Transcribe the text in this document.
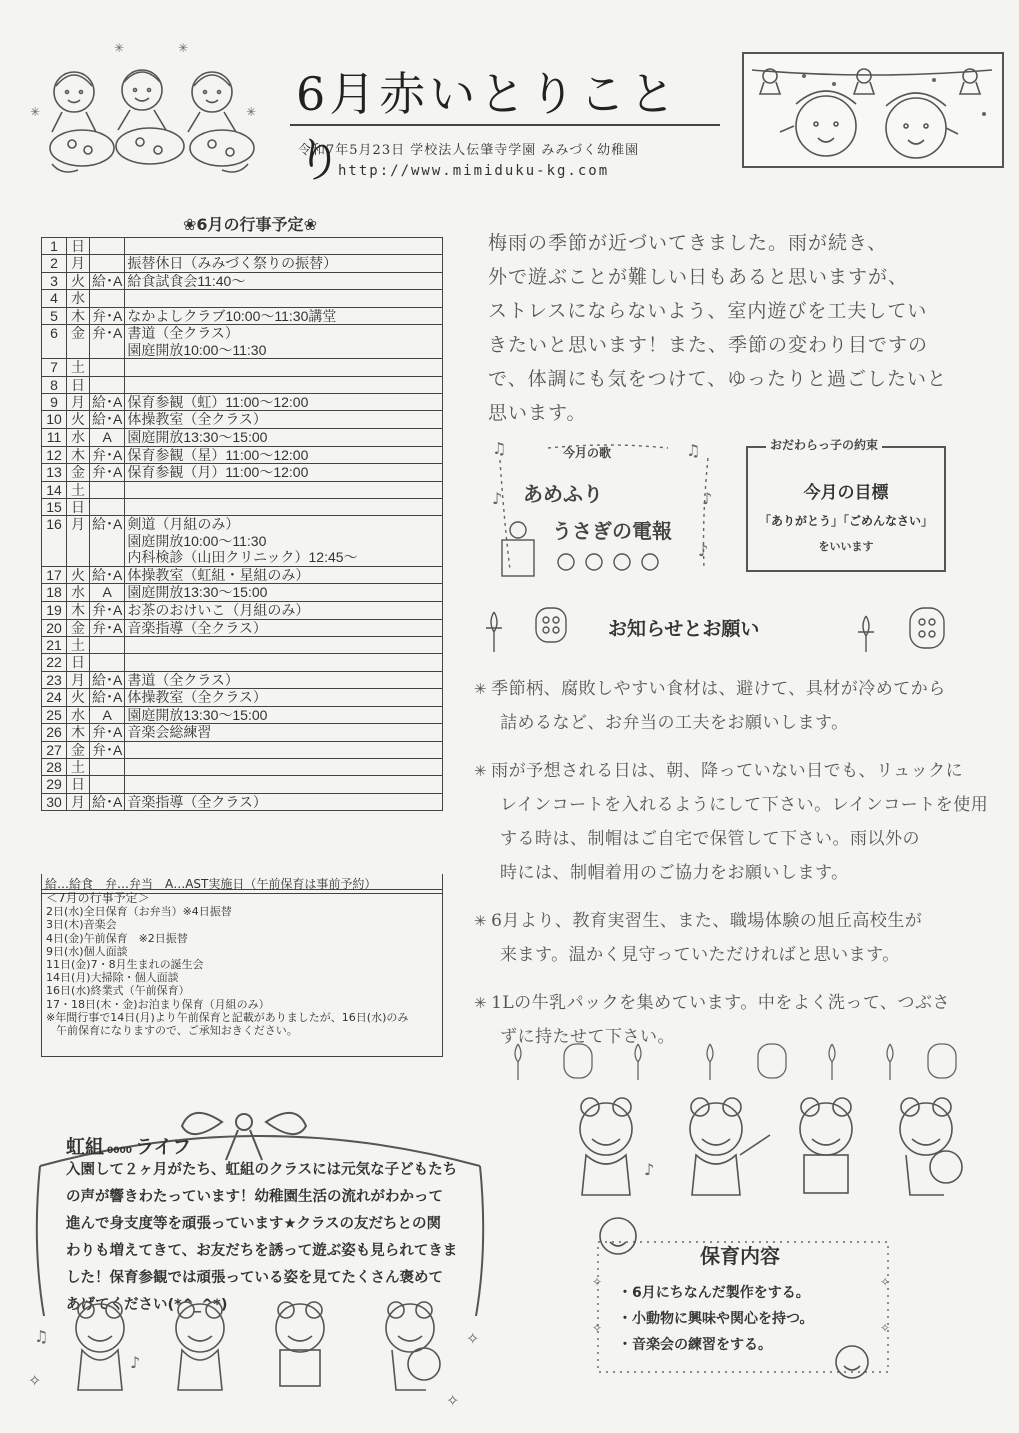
✳	✳
✳	✳ 6月赤いとりことり
令和7年5月23日 学校法人伝肇寺学園 みみづく幼稚園
http://www.mimiduku-kg.com
❀6月の行事予定❀
1	日		

2	月		振替休日（みみづく祭りの振替）

3	火	給･A	給食試食会11:40～

4	水		

5	木	弁･A	なかよしクラブ10:00～11:30講堂

6	金	弁･A	書道（全クラス）
園庭開放10:00～11:30

7	土		

8	日		

9	月	給･A	保育参観（虹）11:00～12:00

10	火	給･A	体操教室（全クラス）

11	水	A	園庭開放13:30～15:00

12	木	弁･A	保育参観（星）11:00～12:00

13	金	弁･A	保育参観（月）11:00～12:00

14	土		

15	日		

16	月	給･A	剣道（月組のみ）
園庭開放10:00～11:30
内科検診（山田クリニック）12:45～

17	火	給･A	体操教室（虹組・星組のみ）

18	水	A	園庭開放13:30～15:00

19	木	弁･A	お茶のおけいこ（月組のみ）

20	金	弁･A	音楽指導（全クラス）

21	土		

22	日		

23	月	給･A	書道（全クラス）

24	火	給･A	体操教室（全クラス）

25	水	A	園庭開放13:30～15:00

26	木	弁･A	音楽会総練習

27	金	弁･A	

28	土		

29	日		

30	月	給･A	音楽指導（全クラス）
給…給食　弁…弁当　A…AST実施日（午前保育は事前予約）
＜7月の行事予定＞
2日(水)全日保育（お弁当）※4日振替
3日(木)音楽会
4日(金)午前保育　※2日振替
9日(水)個人面談
11日(金)7・8月生まれの誕生会
14日(月)大掃除・個人面談
16日(水)終業式（午前保育）
17・18日(木・金)お泊まり保育（月組のみ）
※年間行事で14日(月)より午前保育と記載がありましたが、16日(水)のみ
午前保育になりますので、ご承知おきください。
梅雨の季節が近づいてきました。雨が続き、
外で遊ぶことが難しい日もあると思いますが、
ストレスにならないよう、室内遊びを工夫してい
きたいと思います！また、季節の変わり目ですの
で、体調にも気をつけて、ゆったりと過ごしたいと
思います。
♫	♫
♪	♪
♪
今月の歌
あめふり
うさぎの電報
おだわらっ子の約束
今月の目標
「ありがとう」「ごめんなさい」
をいいます
お知らせとお願い
✳ 季節柄、腐敗しやすい食材は、避けて、具材が冷めてから
詰めるなど、お弁当の工夫をお願いします。
✳ 雨が予想される日は、朝、降っていない日でも、リュックに
レインコートを入れるようにして下さい。レインコートを使用
する時は、制帽はご自宅で保管して下さい。雨以外の
時には、制帽着用のご協力をお願いします。
✳ 6月より、教育実習生、また、職場体験の旭丘高校生が
来ます。温かく見守っていただければと思います。
✳ 1Lの牛乳パックを集めています。中をよく洗って、つぶさ
ずに持たせて下さい。
♫	✧
✧
✧
♪
虹組 0000 ライフ
入園して２ヶ月がたち、虹組のクラスには元気な子どもたち
の声が響きわたっています！幼稚園生活の流れがわかって
進んで身支度等を頑張っています★クラスの友だちとの関
わりも増えてきて、お友だちを誘って遊ぶ姿も見られてきま
した！保育参観では頑張っている姿を見てたくさん褒めて
あげてください(*^_^*)
♪
✧	✧
✧	✧
保育内容
・6月にちなんだ製作をする。
・小動物に興味や関心を持つ。
・音楽会の練習をする。
